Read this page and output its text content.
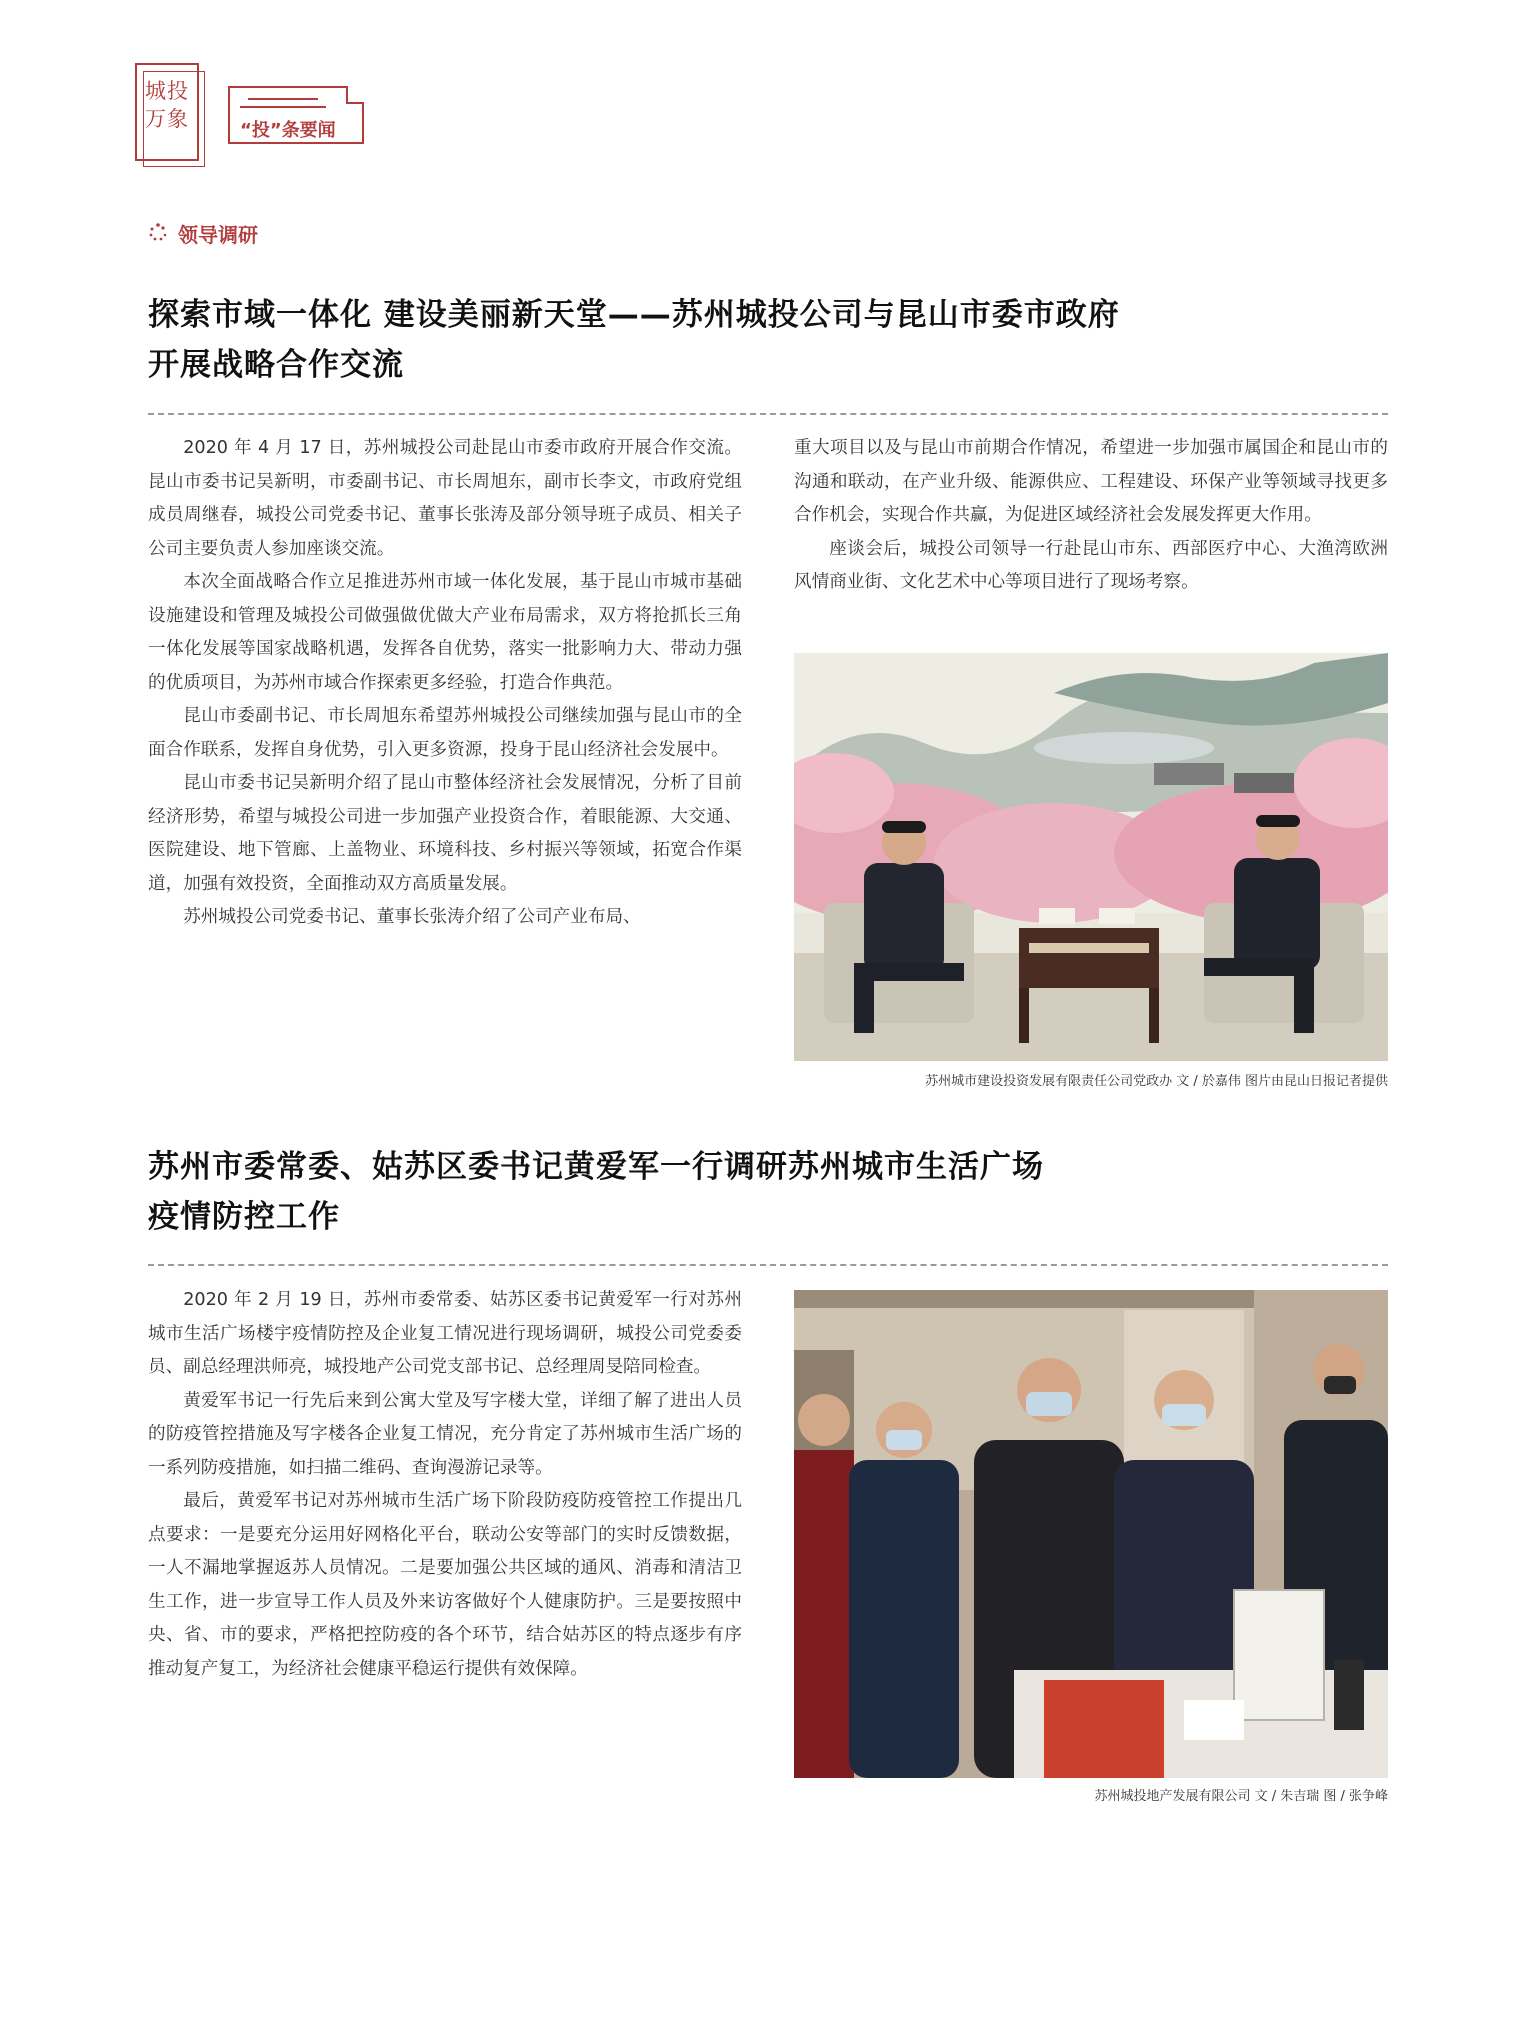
城投
万象	“投”条要闻
领导调研
探索市域一体化 建设美丽新天堂——苏州城投公司与昆山市委市政府
开展战略合作交流

2020 年 4 月 17 日，苏州城投公司赴昆山市委市政府开展合作交流。昆山市委书记吴新明，市委副书记、市长周旭东，副市长李文，市政府党组成员周继春，城投公司党委书记、董事长张涛及部分领导班子成员、相关子公司主要负责人参加座谈交流。

本次全面战略合作立足推进苏州市域一体化发展，基于昆山市城市基础设施建设和管理及城投公司做强做优做大产业布局需求，双方将抢抓长三角一体化发展等国家战略机遇，发挥各自优势，落实一批影响力大、带动力强的优质项目，为苏州市域合作探索更多经验，打造合作典范。

昆山市委副书记、市长周旭东希望苏州城投公司继续加强与昆山市的全面合作联系，发挥自身优势，引入更多资源，投身于昆山经济社会发展中。

昆山市委书记吴新明介绍了昆山市整体经济社会发展情况，分析了目前经济形势，希望与城投公司进一步加强产业投资合作，着眼能源、大交通、医院建设、地下管廊、上盖物业、环境科技、乡村振兴等领域，拓宽合作渠道，加强有效投资，全面推动双方高质量发展。

苏州城投公司党委书记、董事长张涛介绍了公司产业布局、

重大项目以及与昆山市前期合作情况，希望进一步加强市属国企和昆山市的沟通和联动，在产业升级、能源供应、工程建设、环保产业等领域寻找更多合作机会，实现合作共赢，为促进区域经济社会发展发挥更大作用。

座谈会后，城投公司领导一行赴昆山市东、西部医疗中心、大渔湾欧洲风情商业街、文化艺术中心等项目进行了现场考察。

苏州城市建设投资发展有限责任公司党政办 文 / 於嘉伟 图片由昆山日报记者提供
苏州市委常委、姑苏区委书记黄爱军一行调研苏州城市生活广场
疫情防控工作

2020 年 2 月 19 日，苏州市委常委、姑苏区委书记黄爱军一行对苏州城市生活广场楼宇疫情防控及企业复工情况进行现场调研，城投公司党委委员、副总经理洪师亮，城投地产公司党支部书记、总经理周旻陪同检查。

黄爱军书记一行先后来到公寓大堂及写字楼大堂，详细了解了进出人员的防疫管控措施及写字楼各企业复工情况，充分肯定了苏州城市生活广场的一系列防疫措施，如扫描二维码、查询漫游记录等。

最后，黄爱军书记对苏州城市生活广场下阶段防疫防疫管控工作提出几点要求：一是要充分运用好网格化平台，联动公安等部门的实时反馈数据，一人不漏地掌握返苏人员情况。二是要加强公共区域的通风、消毒和清洁卫生工作，进一步宣导工作人员及外来访客做好个人健康防护。三是要按照中央、省、市的要求，严格把控防疫的各个环节，结合姑苏区的特点逐步有序推动复产复工，为经济社会健康平稳运行提供有效保障。

苏州城投地产发展有限公司 文 / 朱吉瑞 图 / 张争峰
